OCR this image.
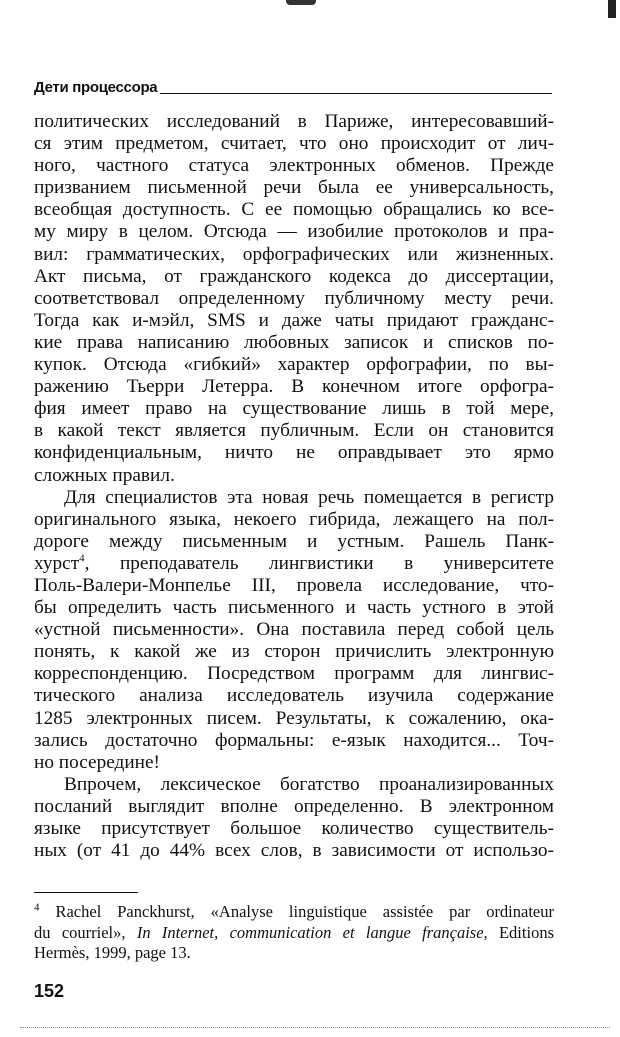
Дети процессора
политических исследований в Париже, интересовавший-
ся этим предметом, считает, что оно происходит от лич-
ного, частного статуса электронных обменов. Прежде
призванием письменной речи была ее универсальность,
всеобщая доступность. С ее помощью обращались ко всe-
му миру в целом. Отсюда — изобилие протоколов и пра-
вил: грамматических, орфографических или жизненных.
Акт письма, от гражданского кодекса до диссертации,
соответствовал определенному публичному месту речи.
Тогда как и-мэйл, SMS и даже чаты придают гражданс-
кие права написанию любовных записок и списков по-
купок. Отсюда «гибкий» характер орфографии, по вы-
ражению Тьерри Летерра. В конечном итоге орфогра-
фия имеет право на существование лишь в той мере,
в какой текст является публичным. Если он становится
конфиденциальным, ничто не оправдывает это ярмо
сложных правил.
Для специалистов эта новая речь помещается в регистр
оригинального языка, некоего гибрида, лежащего на пол-
дороге между письменным и устным. Рашель Панк-
хурст$^4$, преподаватель лингвистики в университете
Поль-Валери-Монпелье III, провела исследование, что-
бы определить часть письменного и часть устного в этой
«устной письменности». Она поставила перед собой цель
понять, к какой же из сторон причислить электронную
корреспонденцию. Посредством программ для лингвис-
тического анализа исследователь изучила содержание
1285 электронных писем. Результаты, к сожалению, ока-
зались достаточно формальны: е-язык находится... Точ-
но посередине!
Впрочем, лексическое богатство проанализированных
посланий выглядит вполне определенно. В электронном
языке присутствует большое количество существитель-
ных (от 41 до 44% всех слов, в зависимости от использо-
$^4$ Rachel Panckhurst, «Analyse linguistique assistée par ordinateur
du courriel», In Internet, communication et langue française, Editions
Hermès, 1999, page 13.
152
